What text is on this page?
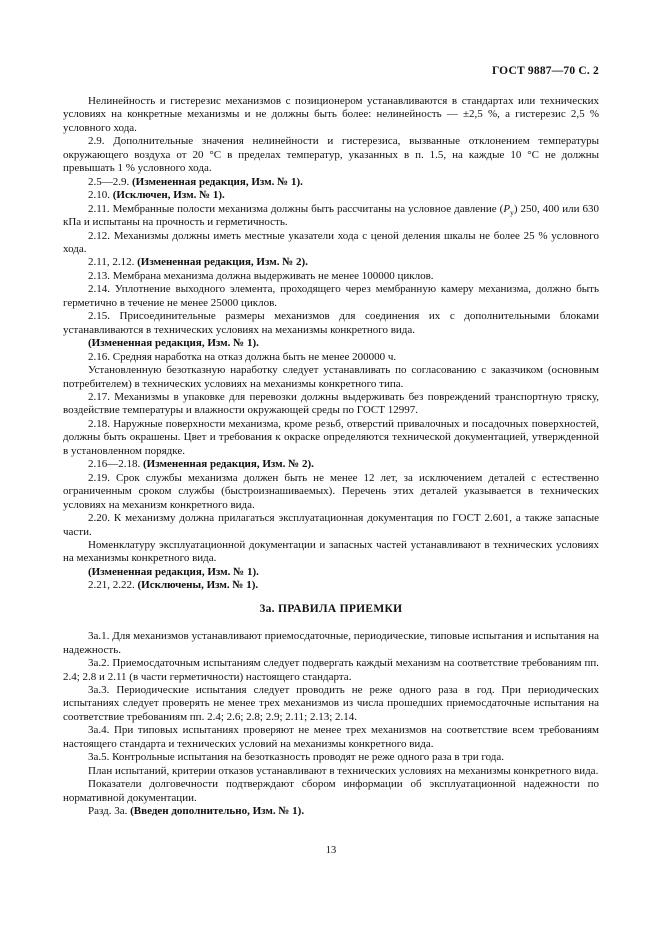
ГОСТ 9887—70 С. 2

Нелинейность и гистерезис механизмов с позиционером устанавливаются в стандартах или технических условиях на конкретные механизмы и не должны быть более: нелинейность — ±2,5 %, а гистерезис 2,5 % условного хода.

2.9. Дополнительные значения нелинейности и гистерезиса, вызванные отклонением температуры окружающего воздуха от 20 °С в пределах температур, указанных в п. 1.5, на каждые 10 °С не должны превышать 1 % условного хода.

2.5—2.9. (Измененная редакция, Изм. № 1).

2.10. (Исключен, Изм. № 1).

2.11. Мембранные полости механизма должны быть рассчитаны на условное давление $(P_у)$ 250, 400 или 630 кПа и испытаны на прочность и герметичность.

2.12. Механизмы должны иметь местные указатели хода с ценой деления шкалы не более 25 % условного хода.

2.11, 2.12. (Измененная редакция, Изм. № 2).

2.13. Мембрана механизма должна выдерживать не менее 100000 циклов.

2.14. Уплотнение выходного элемента, проходящего через мембранную камеру механизма, должно быть герметично в течение не менее 25000 циклов.

2.15. Присоединительные размеры механизмов для соединения их с дополнительными блоками устанавливаются в технических условиях на механизмы конкретного вида.

(Измененная редакция, Изм. № 1).

2.16. Средняя наработка на отказ должна быть не менее 200000 ч.

Установленную безотказную наработку следует устанавливать по согласованию с заказчиком (основным потребителем) в технических условиях на механизмы конкретного типа.

2.17. Механизмы в упаковке для перевозки должны выдерживать без повреждений транспортную тряску, воздействие температуры и влажности окружающей среды по ГОСТ 12997.

2.18. Наружные поверхности механизма, кроме резьб, отверстий привалочных и посадочных поверхностей, должны быть окрашены. Цвет и требования к окраске определяются технической документацией, утвержденной в установленном порядке.

2.16—2.18. (Измененная редакция, Изм. № 2).

2.19. Срок службы механизма должен быть не менее 12 лет, за исключением деталей с естественно ограниченным сроком службы (быстроизнашиваемых). Перечень этих деталей указывается в технических условиях на механизм конкретного вида.

2.20. К механизму должна прилагаться эксплуатационная документация по ГОСТ 2.601, а также запасные части.

Номенклатуру эксплуатационной документации и запасных частей устанавливают в технических условиях на механизмы конкретного вида.

(Измененная редакция, Изм. № 1).

2.21, 2.22. (Исключены, Изм. № 1).

3а. ПРАВИЛА ПРИЕМКИ

3а.1. Для механизмов устанавливают приемосдаточные, периодические, типовые испытания и испытания на надежность.

3а.2. Приемосдаточным испытаниям следует подвергать каждый механизм на соответствие требованиям пп. 2.4; 2.8 и 2.11 (в части герметичности) настоящего стандарта.

3а.3. Периодические испытания следует проводить не реже одного раза в год. При периодических испытаниях следует проверять не менее трех механизмов из числа прошедших приемосдаточные испытания на соответствие требованиям пп. 2.4; 2.6; 2.8; 2.9; 2.11; 2.13; 2.14.

3а.4. При типовых испытаниях проверяют не менее трех механизмов на соответствие всем требованиям настоящего стандарта и технических условий на механизмы конкретного вида.

3а.5. Контрольные испытания на безотказность проводят не реже одного раза в три года.

План испытаний, критерии отказов устанавливают в технических условиях на механизмы конкретного вида.

Показатели долговечности подтверждают сбором информации об эксплуатационной надежности по нормативной документации.

Разд. 3а. (Введен дополнительно, Изм. № 1).

13
